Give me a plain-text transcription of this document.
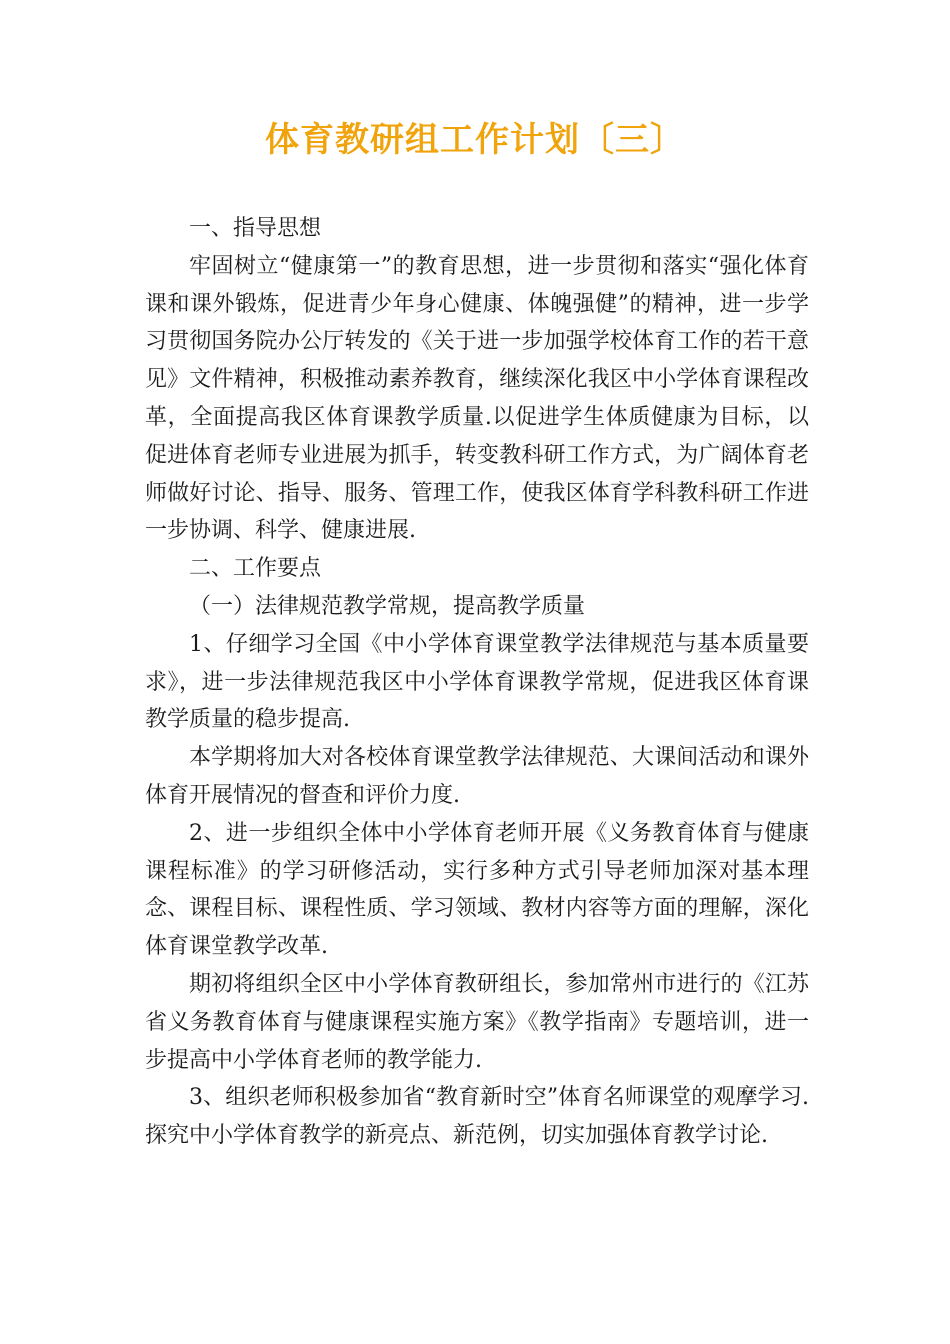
体育教研组工作计划〔三〕

一、指导思想

牢固树立“健康第一”的教育思想，进一步贯彻和落实“强化体育课和课外锻炼，促进青少年身心健康、体魄强健”的精神，进一步学习贯彻国务院办公厅转发的《关于进一步加强学校体育工作的若干意见》文件精神，积极推动素养教育，继续深化我区中小学体育课程改革，全面提高我区体育课教学质量.以促进学生体质健康为目标，以促进体育老师专业进展为抓手，转变教科研工作方式，为广阔体育老师做好讨论、指导、服务、管理工作，使我区体育学科教科研工作进一步协调、科学、健康进展.

二、工作要点

（一）法律规范教学常规，提高教学质量

1、仔细学习全国《中小学体育课堂教学法律规范与基本质量要求》，进一步法律规范我区中小学体育课教学常规，促进我区体育课教学质量的稳步提高.

本学期将加大对各校体育课堂教学法律规范、大课间活动和课外体育开展情况的督查和评价力度.

2、进一步组织全体中小学体育老师开展《义务教育体育与健康课程标准》的学习研修活动，实行多种方式引导老师加深对基本理念、课程目标、课程性质、学习领域、教材内容等方面的理解，深化体育课堂教学改革.

期初将组织全区中小学体育教研组长，参加常州市进行的《江苏省义务教育体育与健康课程实施方案》《教学指南》专题培训，进一步提高中小学体育老师的教学能力.

3、组织老师积极参加省“教育新时空”体育名师课堂的观摩学习.探究中小学体育教学的新亮点、新范例，切实加强体育教学讨论.
